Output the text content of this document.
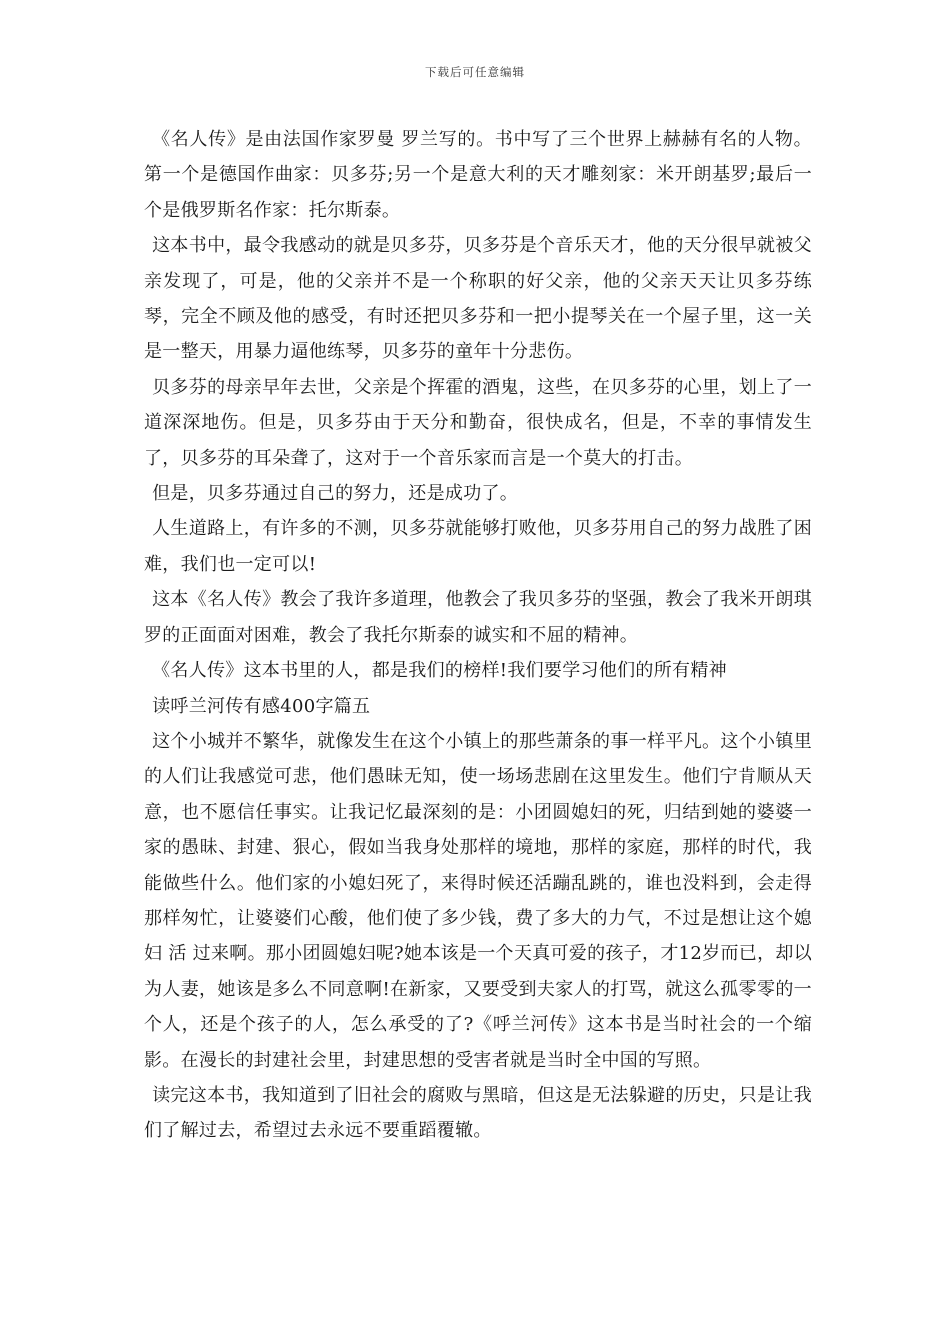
下载后可任意编辑

《名人传》是由法国作家罗曼 罗兰写的。书中写了三个世界上赫赫有名的人物。第一个是德国作曲家：贝多芬;另一个是意大利的天才雕刻家：米开朗基罗;最后一个是俄罗斯名作家：托尔斯泰。

这本书中，最令我感动的就是贝多芬，贝多芬是个音乐天才，他的天分很早就被父亲发现了，可是，他的父亲并不是一个称职的好父亲，他的父亲天天让贝多芬练琴，完全不顾及他的感受，有时还把贝多芬和一把小提琴关在一个屋子里，这一关是一整天，用暴力逼他练琴，贝多芬的童年十分悲伤。

贝多芬的母亲早年去世，父亲是个挥霍的酒鬼，这些，在贝多芬的心里，划上了一道深深地伤。但是，贝多芬由于天分和勤奋，很快成名，但是，不幸的事情发生了，贝多芬的耳朵聋了，这对于一个音乐家而言是一个莫大的打击。

但是，贝多芬通过自己的努力，还是成功了。

人生道路上，有许多的不测，贝多芬就能够打败他，贝多芬用自己的努力战胜了困难，我们也一定可以!

这本《名人传》教会了我许多道理，他教会了我贝多芬的坚强，教会了我米开朗琪罗的正面面对困难，教会了我托尔斯泰的诚实和不屈的精神。

《名人传》这本书里的人，都是我们的榜样!我们要学习他们的所有精神

读呼兰河传有感400字篇五

这个小城并不繁华，就像发生在这个小镇上的那些萧条的事一样平凡。这个小镇里的人们让我感觉可悲，他们愚昧无知，使一场场悲剧在这里发生。他们宁肯顺从天意，也不愿信任事实。让我记忆最深刻的是：小团圆媳妇的死，归结到她的婆婆一家的愚昧、封建、狠心，假如当我身处那样的境地，那样的家庭，那样的时代，我能做些什么。他们家的小媳妇死了，来得时候还活蹦乱跳的，谁也没料到，会走得那样匆忙，让婆婆们心酸，他们使了多少钱，费了多大的力气，不过是想让这个媳妇 活 过来啊。那小团圆媳妇呢?她本该是一个天真可爱的孩子，才12岁而已，却以为人妻，她该是多么不同意啊!在新家，又要受到夫家人的打骂，就这么孤零零的一个人，还是个孩子的人，怎么承受的了?《呼兰河传》这本书是当时社会的一个缩影。在漫长的封建社会里，封建思想的受害者就是当时全中国的写照。

读完这本书，我知道到了旧社会的腐败与黑暗，但这是无法躲避的历史，只是让我们了解过去，希望过去永远不要重蹈覆辙。
